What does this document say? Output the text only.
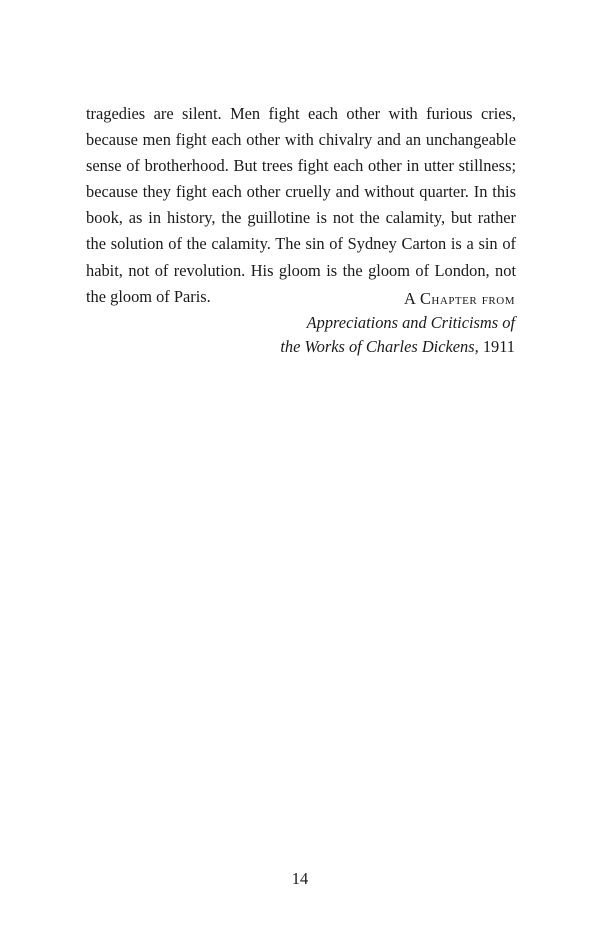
tragedies are silent. Men fight each other with furious cries,
because men fight each other with chivalry and an unchangeable
sense of brotherhood. But trees fight each other in utter stillness;
because they fight each other cruelly and without quarter. In this
book, as in history, the guillotine is not the calamity, but rather
the solution of the calamity. The sin of Sydney Carton is a sin of
habit, not of revolution. His gloom is the gloom of London, not
the gloom of Paris.	A Chapter from
Appreciations and Criticisms of
the Works of Charles Dickens, 1911
14
